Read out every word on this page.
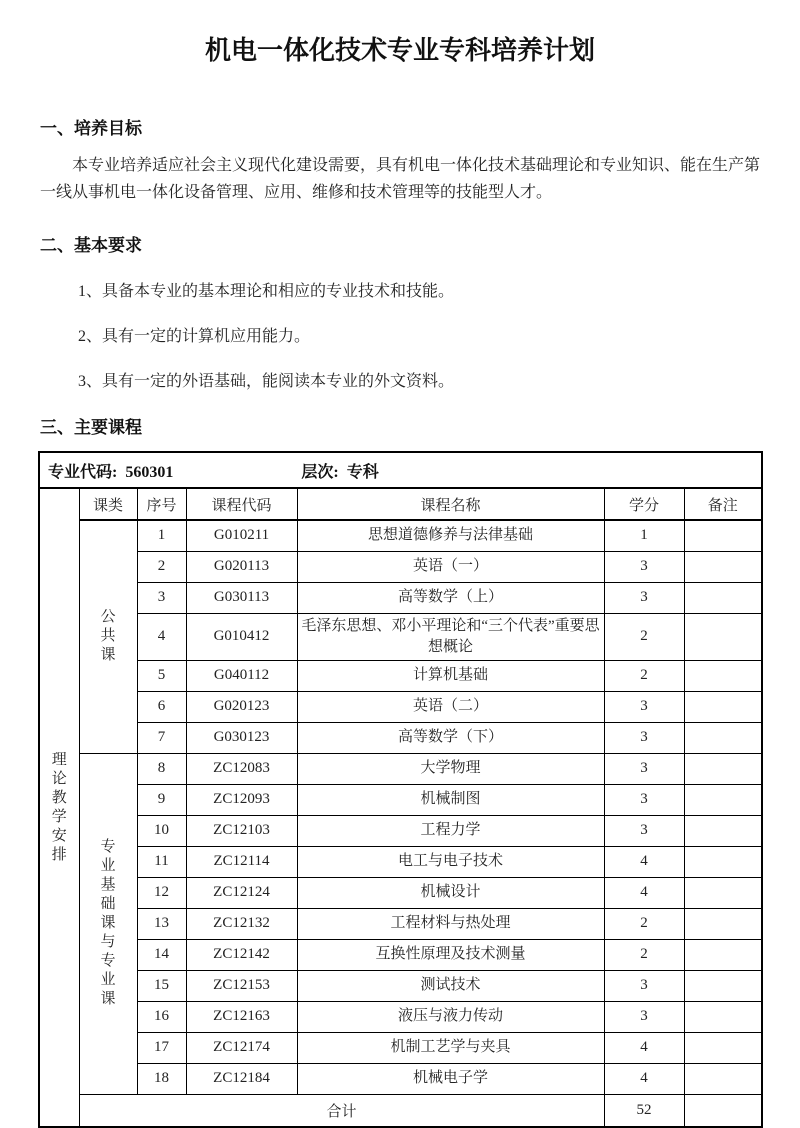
机电一体化技术专业专科培养计划
一、培养目标

本专业培养适应社会主义现代化建设需要，具有机电一体化技术基础理论和专业知识、能在生产第一线从事机电一体化设备管理、应用、维修和技术管理等的技能型人才。

二、基本要求
1、具备本专业的基本理论和相应的专业技术和技能。
2、具有一定的计算机应用能力。
3、具有一定的外语基础，能阅读本专业的外文资料。
三、主要课程
专业代码: 560301 层次: 专科						

理论教学安排	课类	序号	课程代码	课程名称	学分	备注

	公共课	1	G010211	思想道德修养与法律基础	1	
		2	G020113	英语（一）	3	
		3	G030113	高等数学（上）	3	
		4	G010412	毛泽东思想、邓小平理论和“三个代表”重要思想概论	2	
		5	G040112	计算机基础	2	
		6	G020123	英语（二）	3	
		7	G030123	高等数学（下）	3	

	专业基础课与专业课	8	ZC12083	大学物理	3	
		9	ZC12093	机械制图	3	
		10	ZC12103	工程力学	3	
		11	ZC12114	电工与电子技术	4	
		12	ZC12124	机械设计	4	
		13	ZC12132	工程材料与热处理	2	
		14	ZC12142	互换性原理及技术测量	2	
		15	ZC12153	测试技术	3	
		16	ZC12163	液压与液力传动	3	
		17	ZC12174	机制工艺学与夹具	4	
		18	ZC12184	机械电子学	4	
	合计				52	
